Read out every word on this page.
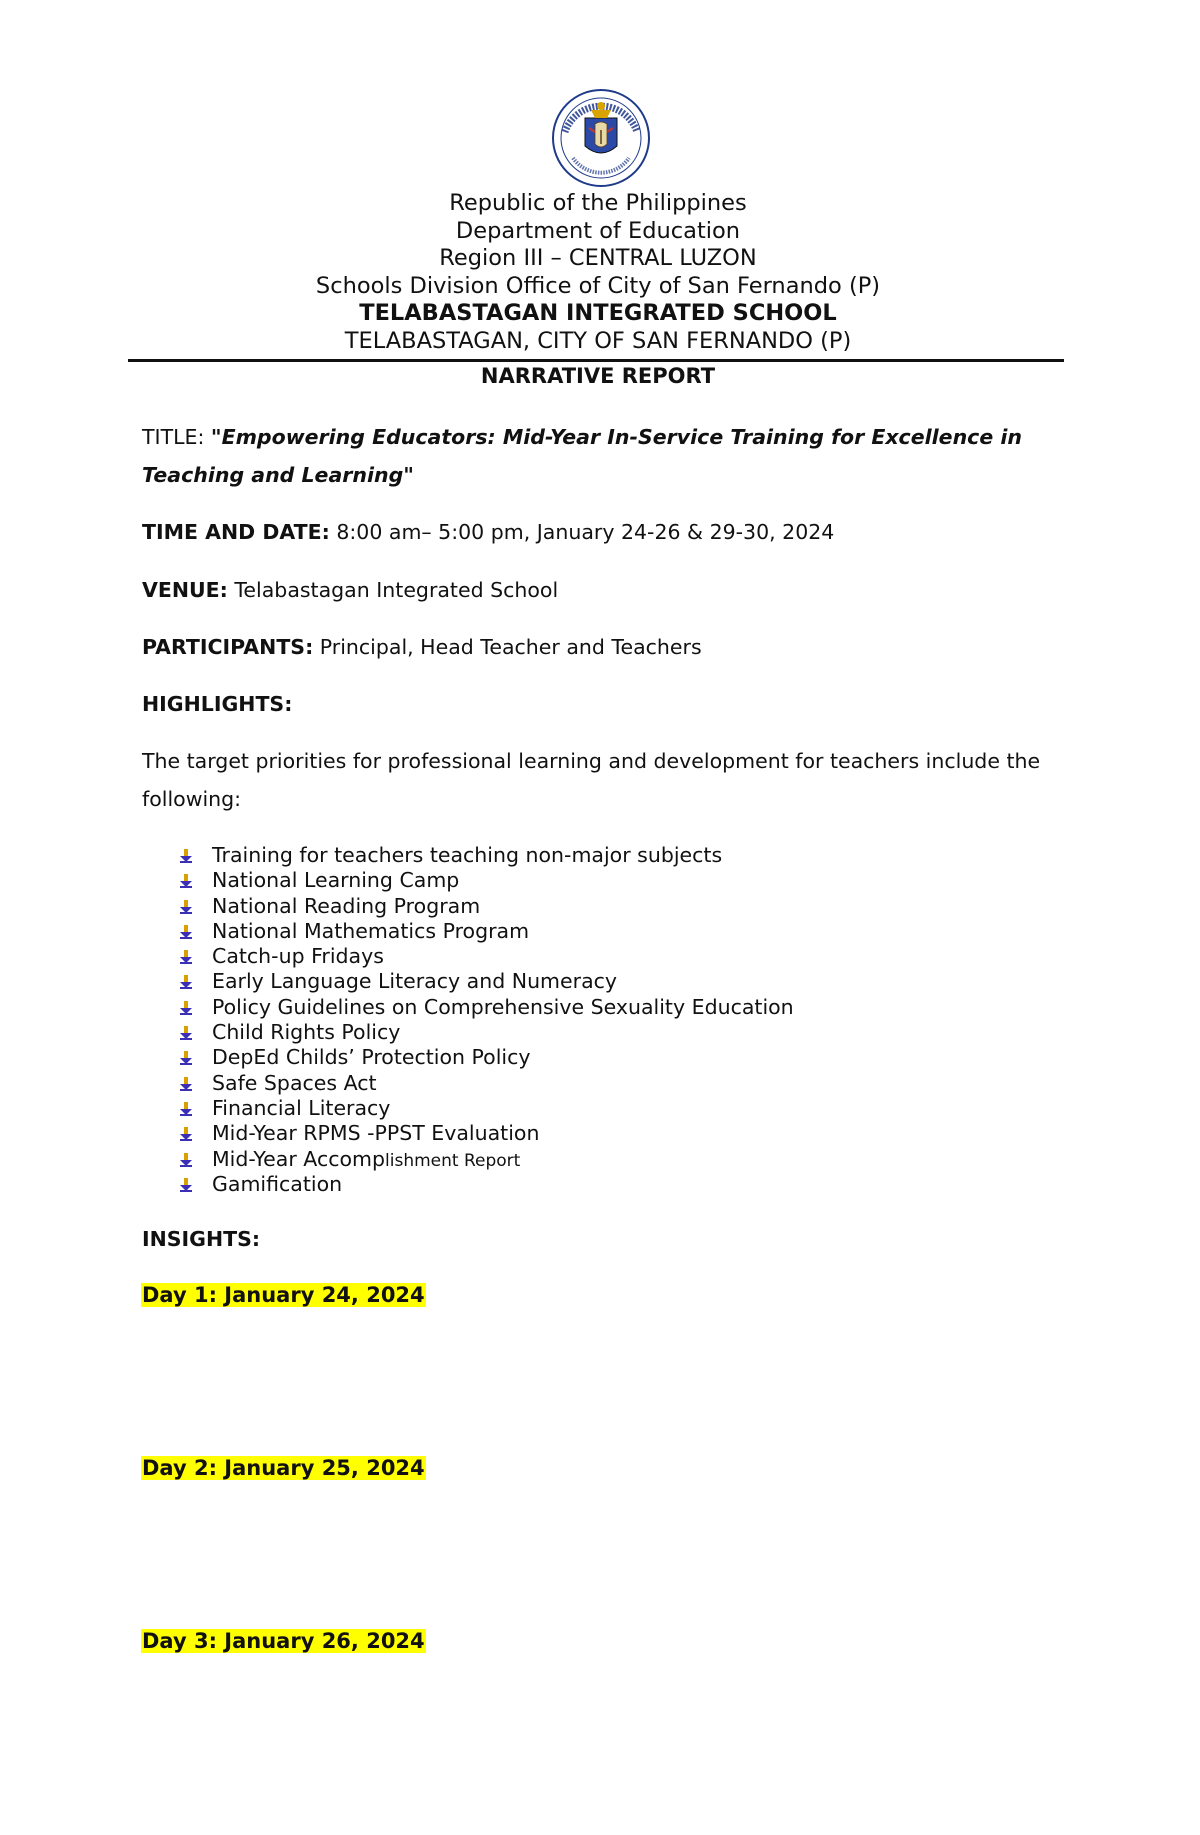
Republic of the Philippines
Department of Education
Region III – CENTRAL LUZON
Schools Division Office of City of San Fernando (P)
TELABASTAGAN INTEGRATED SCHOOL
TELABASTAGAN, CITY OF SAN FERNANDO (P)
NARRATIVE REPORT
TITLE: "Empowering Educators: Mid-Year In-Service Training for Excellence in Teaching and Learning"
TIME AND DATE: 8:00 am– 5:00 pm, January 24-26 & 29-30, 2024
VENUE: Telabastagan Integrated School
PARTICIPANTS: Principal, Head Teacher and Teachers
HIGHLIGHTS:
The target priorities for professional learning and development for teachers include the following:
Training for teachers teaching non-major subjects
National Learning Camp
National Reading Program
National Mathematics Program
Catch-up Fridays
Early Language Literacy and Numeracy
Policy Guidelines on Comprehensive Sexuality Education
Child Rights Policy
DepEd Childs’ Protection Policy
Safe Spaces Act
Financial Literacy
Mid-Year RPMS -PPST Evaluation
Mid-Year Accomplishment Report
Gamification
INSIGHTS:
Day 1: January 24, 2024
Day 2: January 25, 2024
Day 3: January 26, 2024
